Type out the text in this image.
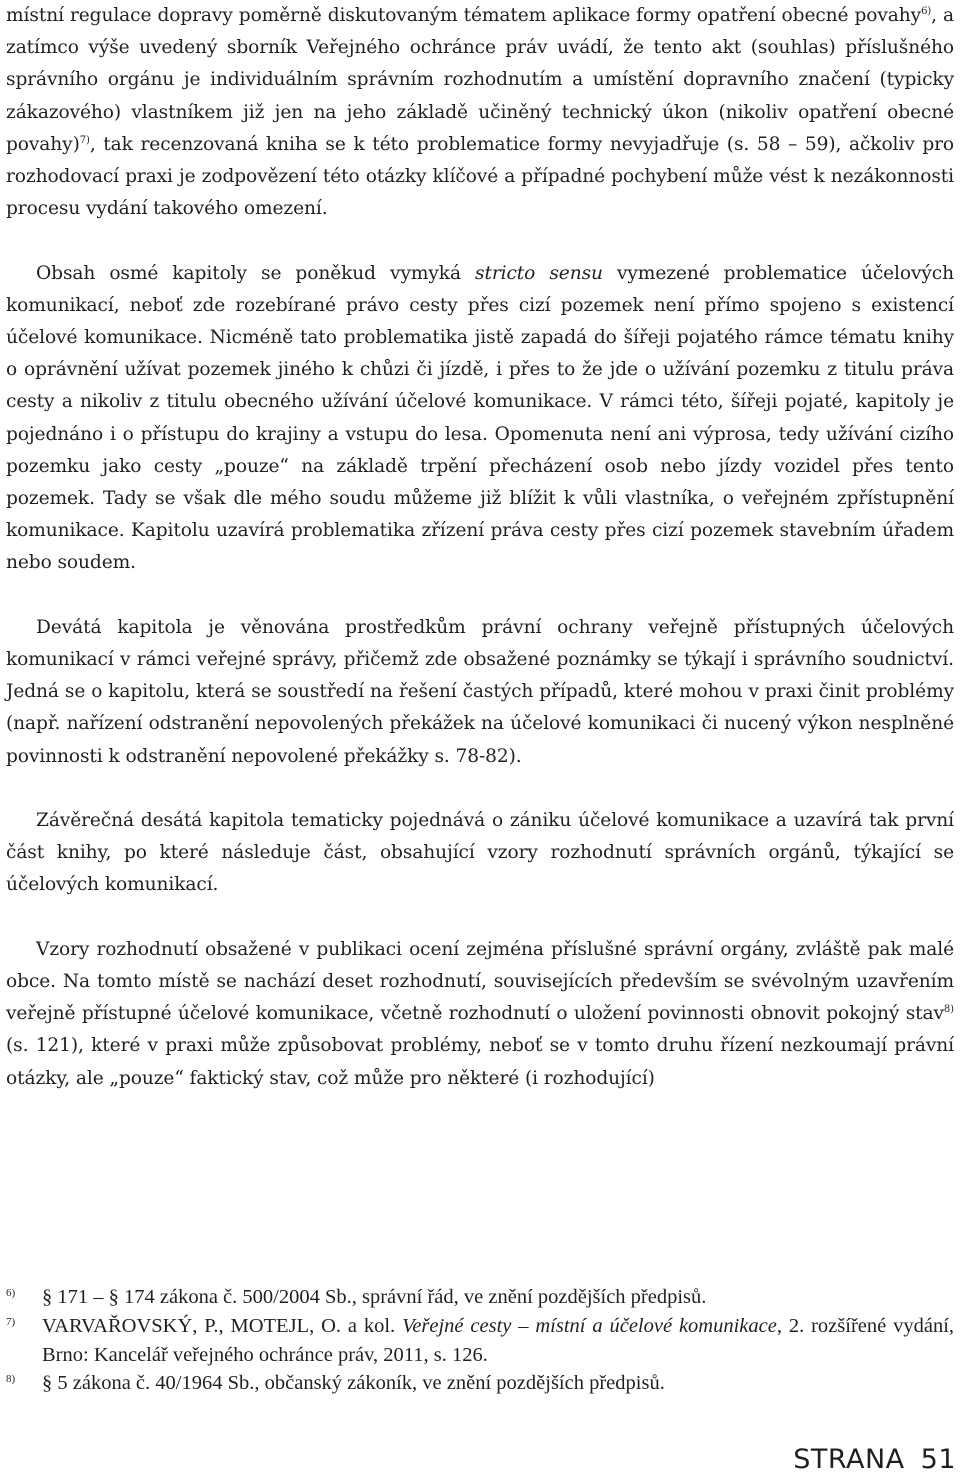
místní regulace dopravy poměrně diskutovaným tématem aplikace formy opatření obecné povahy$^{6)}$, a zatímco výše uvedený sborník Veřejného ochránce práv uvádí, že tento akt (souhlas) příslušného správního orgánu je individuálním správním rozhodnutím a umístění dopravního značení (typicky zákazového) vlastníkem již jen na jeho základě učiněný technický úkon (nikoliv opatření obecné povahy)$^{7)}$, tak recenzovaná kniha se k této problematice formy nevyjadřuje (s. 58 – 59), ačkoliv pro rozhodovací praxi je zodpovězení této otázky klíčové a případné pochybení může vést k nezákonnosti procesu vydání takového omezení.

Obsah osmé kapitoly se poněkud vymyká stricto sensu vymezené problematice účelových komunikací, neboť zde rozebírané právo cesty přes cizí pozemek není přímo spojeno s existencí účelové komunikace. Nicméně tato problematika jistě zapadá do šířeji pojatého rámce tématu knihy o oprávnění užívat pozemek jiného k chůzi či jízdě, i přes to že jde o užívání pozemku z titulu práva cesty a nikoliv z titulu obecného užívání účelové komunikace. V rámci této, šířeji pojaté, kapitoly je pojednáno i o přístupu do krajiny a vstupu do lesa. Opomenuta není ani výprosa, tedy užívání cizího pozemku jako cesty „pouze“ na základě trpění přecházení osob nebo jízdy vozidel přes tento pozemek. Tady se však dle mého soudu můžeme již blížit k vůli vlastníka, o veřejném zpřístupnění komunikace. Kapitolu uzavírá problematika zřízení práva cesty přes cizí pozemek stavebním úřadem nebo soudem.

Devátá kapitola je věnována prostředkům právní ochrany veřejně přístupných účelových komunikací v rámci veřejné správy, přičemž zde obsažené poznámky se týkají i správního soudnictví. Jedná se o kapitolu, která se soustředí na řešení častých případů, které mohou v praxi činit problémy (např. nařízení odstranění nepovolených překážek na účelové komunikaci či nucený výkon nesplněné povinnosti k odstranění nepovolené překážky s. 78-82).

Závěrečná desátá kapitola tematicky pojednává o zániku účelové komunikace a uzavírá tak první část knihy, po které následuje část, obsahující vzory rozhodnutí správních orgánů, týkající se účelových komunikací.

Vzory rozhodnutí obsažené v publikaci ocení zejména příslušné správní orgány, zvláště pak malé obce. Na tomto místě se nachází deset rozhodnutí, souvisejících především se svévolným uzavřením veřejně přístupné účelové komunikace, včetně rozhodnutí o uložení povinnosti obnovit pokojný stav$^{8)}$ (s. 121), které v praxi může způsobovat problémy, neboť se v tomto druhu řízení nezkoumají právní otázky, ale „pouze“ faktický stav, což může pro některé (i rozhodující)

6)	§ 171 – § 174 zákona č. 500/2004 Sb., správní řád, ve znění pozdějších předpisů.

7)	VARVAŘOVSKÝ, P., MOTEJL, O. a kol. Veřejné cesty – místní a účelové komunikace, 2. rozšířené vydání, Brno: Kancelář veřejného ochránce práv, 2011, s. 126.

8)	§ 5 zákona č. 40/1964 Sb., občanský zákoník, ve znění pozdějších předpisů.

STRANA 51
